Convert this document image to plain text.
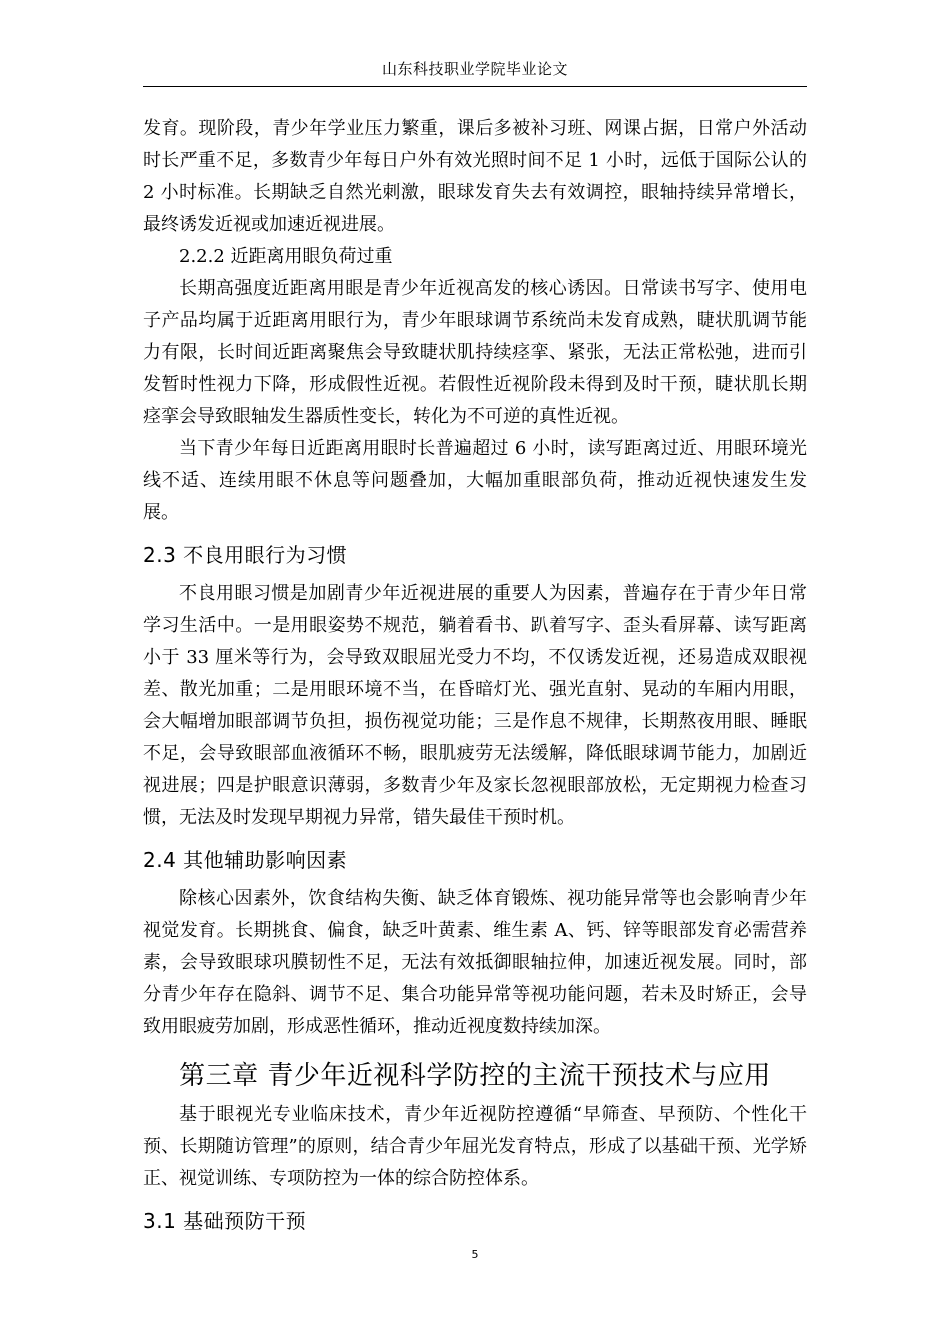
山东科技职业学院毕业论文

发育。现阶段，青少年学业压力繁重，课后多被补习班、网课占据，日常户外活动时长严重不足，多数青少年每日户外有效光照时间不足 1 小时，远低于国际公认的 2 小时标准。长期缺乏自然光刺激，眼球发育失去有效调控，眼轴持续异常增长，最终诱发近视或加速近视进展。

2.2.2 近距离用眼负荷过重

长期高强度近距离用眼是青少年近视高发的核心诱因。日常读书写字、使用电子产品均属于近距离用眼行为，青少年眼球调节系统尚未发育成熟，睫状肌调节能力有限，长时间近距离聚焦会导致睫状肌持续痉挛、紧张，无法正常松弛，进而引发暂时性视力下降，形成假性近视。若假性近视阶段未得到及时干预，睫状肌长期痉挛会导致眼轴发生器质性变长，转化为不可逆的真性近视。

当下青少年每日近距离用眼时长普遍超过 6 小时，读写距离过近、用眼环境光线不适、连续用眼不休息等问题叠加，大幅加重眼部负荷，推动近视快速发生发展。

2.3 不良用眼行为习惯

不良用眼习惯是加剧青少年近视进展的重要人为因素，普遍存在于青少年日常学习生活中。一是用眼姿势不规范，躺着看书、趴着写字、歪头看屏幕、读写距离小于 33 厘米等行为，会导致双眼屈光受力不均，不仅诱发近视，还易造成双眼视差、散光加重；二是用眼环境不当，在昏暗灯光、强光直射、晃动的车厢内用眼，会大幅增加眼部调节负担，损伤视觉功能；三是作息不规律，长期熬夜用眼、睡眠不足，会导致眼部血液循环不畅，眼肌疲劳无法缓解，降低眼球调节能力，加剧近视进展；四是护眼意识薄弱，多数青少年及家长忽视眼部放松，无定期视力检查习惯，无法及时发现早期视力异常，错失最佳干预时机。

2.4 其他辅助影响因素

除核心因素外，饮食结构失衡、缺乏体育锻炼、视功能异常等也会影响青少年视觉发育。长期挑食、偏食，缺乏叶黄素、维生素 A、钙、锌等眼部发育必需营养素，会导致眼球巩膜韧性不足，无法有效抵御眼轴拉伸，加速近视发展。同时，部分青少年存在隐斜、调节不足、集合功能异常等视功能问题，若未及时矫正，会导致用眼疲劳加剧，形成恶性循环，推动近视度数持续加深。

第三章 青少年近视科学防控的主流干预技术与应用

基于眼视光专业临床技术，青少年近视防控遵循“早筛查、早预防、个性化干预、长期随访管理”的原则，结合青少年屈光发育特点，形成了以基础干预、光学矫正、视觉训练、专项防控为一体的综合防控体系。

3.1 基础预防干预
5
